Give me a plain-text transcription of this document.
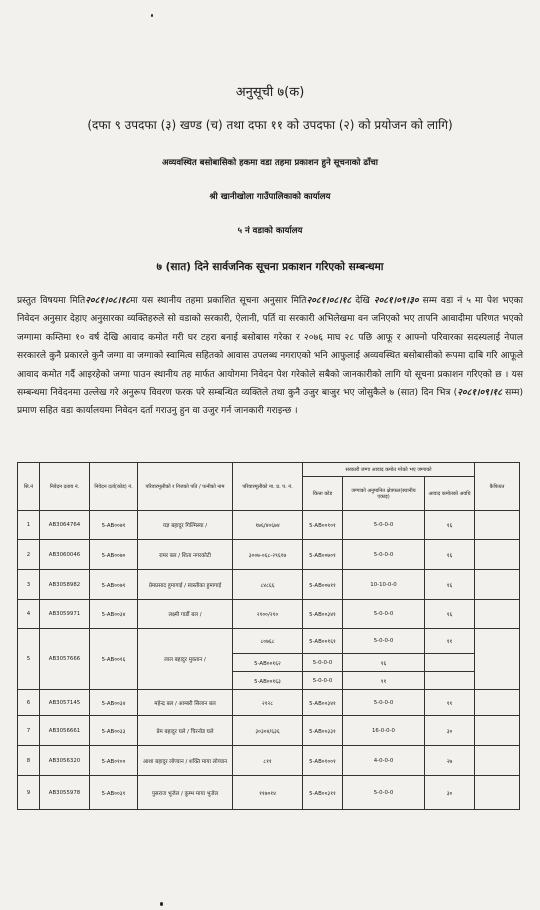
अनुसूची ७(क)
(दफा ९ उपदफा (३) खण्ड (च) तथा दफा ११ को उपदफा (२) को प्रयोजन को लागि)
अव्यवस्थित बसोबासिको हकमा वडा तहमा प्रकाशन हुने सूचनाको ढाँचा
श्री खानीखोला गाउँपालिकाको कार्यालय
५ नं वडाको कार्यालय
७ (सात) दिने सार्वजनिक सूचना प्रकाशन गरिएको सम्बन्धमा
प्रस्तुत विषयमा मिति२०८१।०८।१८मा यस स्थानीय तहमा प्रकाशित सूचना अनुसार मिति२०८१।०८।१८ देखि २०८१।०९।३० सम्म वडा नं ५ मा पेश भएका निवेदन अनुसार देहाए अनुसारका व्यक्तिहरुले सो वडाको सरकारी, ऐलानी, पर्ति वा सरकारी अभिलेखमा वन जनिएको भए तापनि आवादीमा परिणत भएको जग्गामा कम्तिमा १० वर्ष देखि आवाद कमोत गरी घर टहरा बनाई बसोबास गरेका र २०७६ माघ २८ पछि आफू र आफ्नो परिवारका सदस्यलाई नेपाल सरकारले कुनै प्रकारले कुनै जग्गा वा जग्गाको स्वामित्व सहितको आवास उपलब्ध नगराएको भनि आफुलाई अव्यवस्थित बसोबासीको रूपमा दाबि गरि आफूले आवाद कमोत गर्दै आइरहेको जग्गा पाउन स्थानीय तह मार्फत आयोगमा निवेदन पेश गरेकोले सबैको जानकारीको लागि यो सूचना प्रकाशन गरिएको छ । यस सम्बन्धमा निवेदनमा उल्लेख गरे अनुरूप विवरण फरक परे सम्बन्धित व्यक्तिले तथा कुनै उजुर बाजुर भए जोसुकैले ७ (सात) दिन भित्र (२०८१।०९।१८ सम्म) प्रमाण सहित वडा कार्यालयमा निवेदन दर्ता गराउनु हुन वा उजुर गर्न जानकारी गराइन्छ ।
सि.नं	निवेदन दताय नं.	निवेदन दर्ता(कोड) नं.	परिवारमूलीको र निजको पति / पत्नीको नाम	परिवारमूलीको ना. प्र. प. नं.	सरकारी जग्गा आवाद कमोत गरेको भए जग्गाको			कैफियत
					कित्ता कोड	जग्गाको अनुमानित क्षेत्रफल(स्थानीय एकाइ)	आवाद कमोतको अवधि	
1	AB3064764	5-AB००७१	यज्ञ बहादुर गिल्मिस्या /	१७६/४०६७४	5-AB००१०१	5-0-0-0	१६	
2	AB3060046	5-AB००७०	रामर बल / शिता नगरकोटी	३००७-०६८-२९६१७	5-AB००७०१	5-0-0-0	१६	
3	AB3058982	5-AB००७१	प्रेमप्रसाद हुमागाई / स्वस्तीका हुमागाई	८४८६६	5-AB००७११	10-10-0-0	१६	
4	AB3059971	5-AB००३४	लक्ष्मी गार्डी बल /	२१००/२१०	5-AB००३४१	5-0-0-0	१६	
5	AB3057666	5-AB००१६	लाल बहादुर मुक्तान /	८०७६८	5-AB००१६१	5-0-0-0	११	
				5-AB००१६२	5-0-0-0	१६		
				5-AB००१६३	5-0-0-0	११		
6	AB3057145	5-AB००३४	महेन्द्र बल / आम्बरी सिलान बल	२१२८	5-AB००३४१	5-0-0-0	११	
7	AB3056661	5-AB००३३	प्रेम बहादुर घले / चिरनोड घले	३०३०४/६३६	5-AB००३३१	16-0-0-0	३०	
8	AB3056320	5-AB०१००	आशा बहादुर लोप्चान / शक्ति माया लोप्चान	८११	5-AB०१००१	4-0-0-0	२७	
9	AB3055978	5-AB००३१	पुसराज भुजेल / कुम्भ माया भुजेल	११७०१४	5-AB००३११	5-0-0-0	३०	
